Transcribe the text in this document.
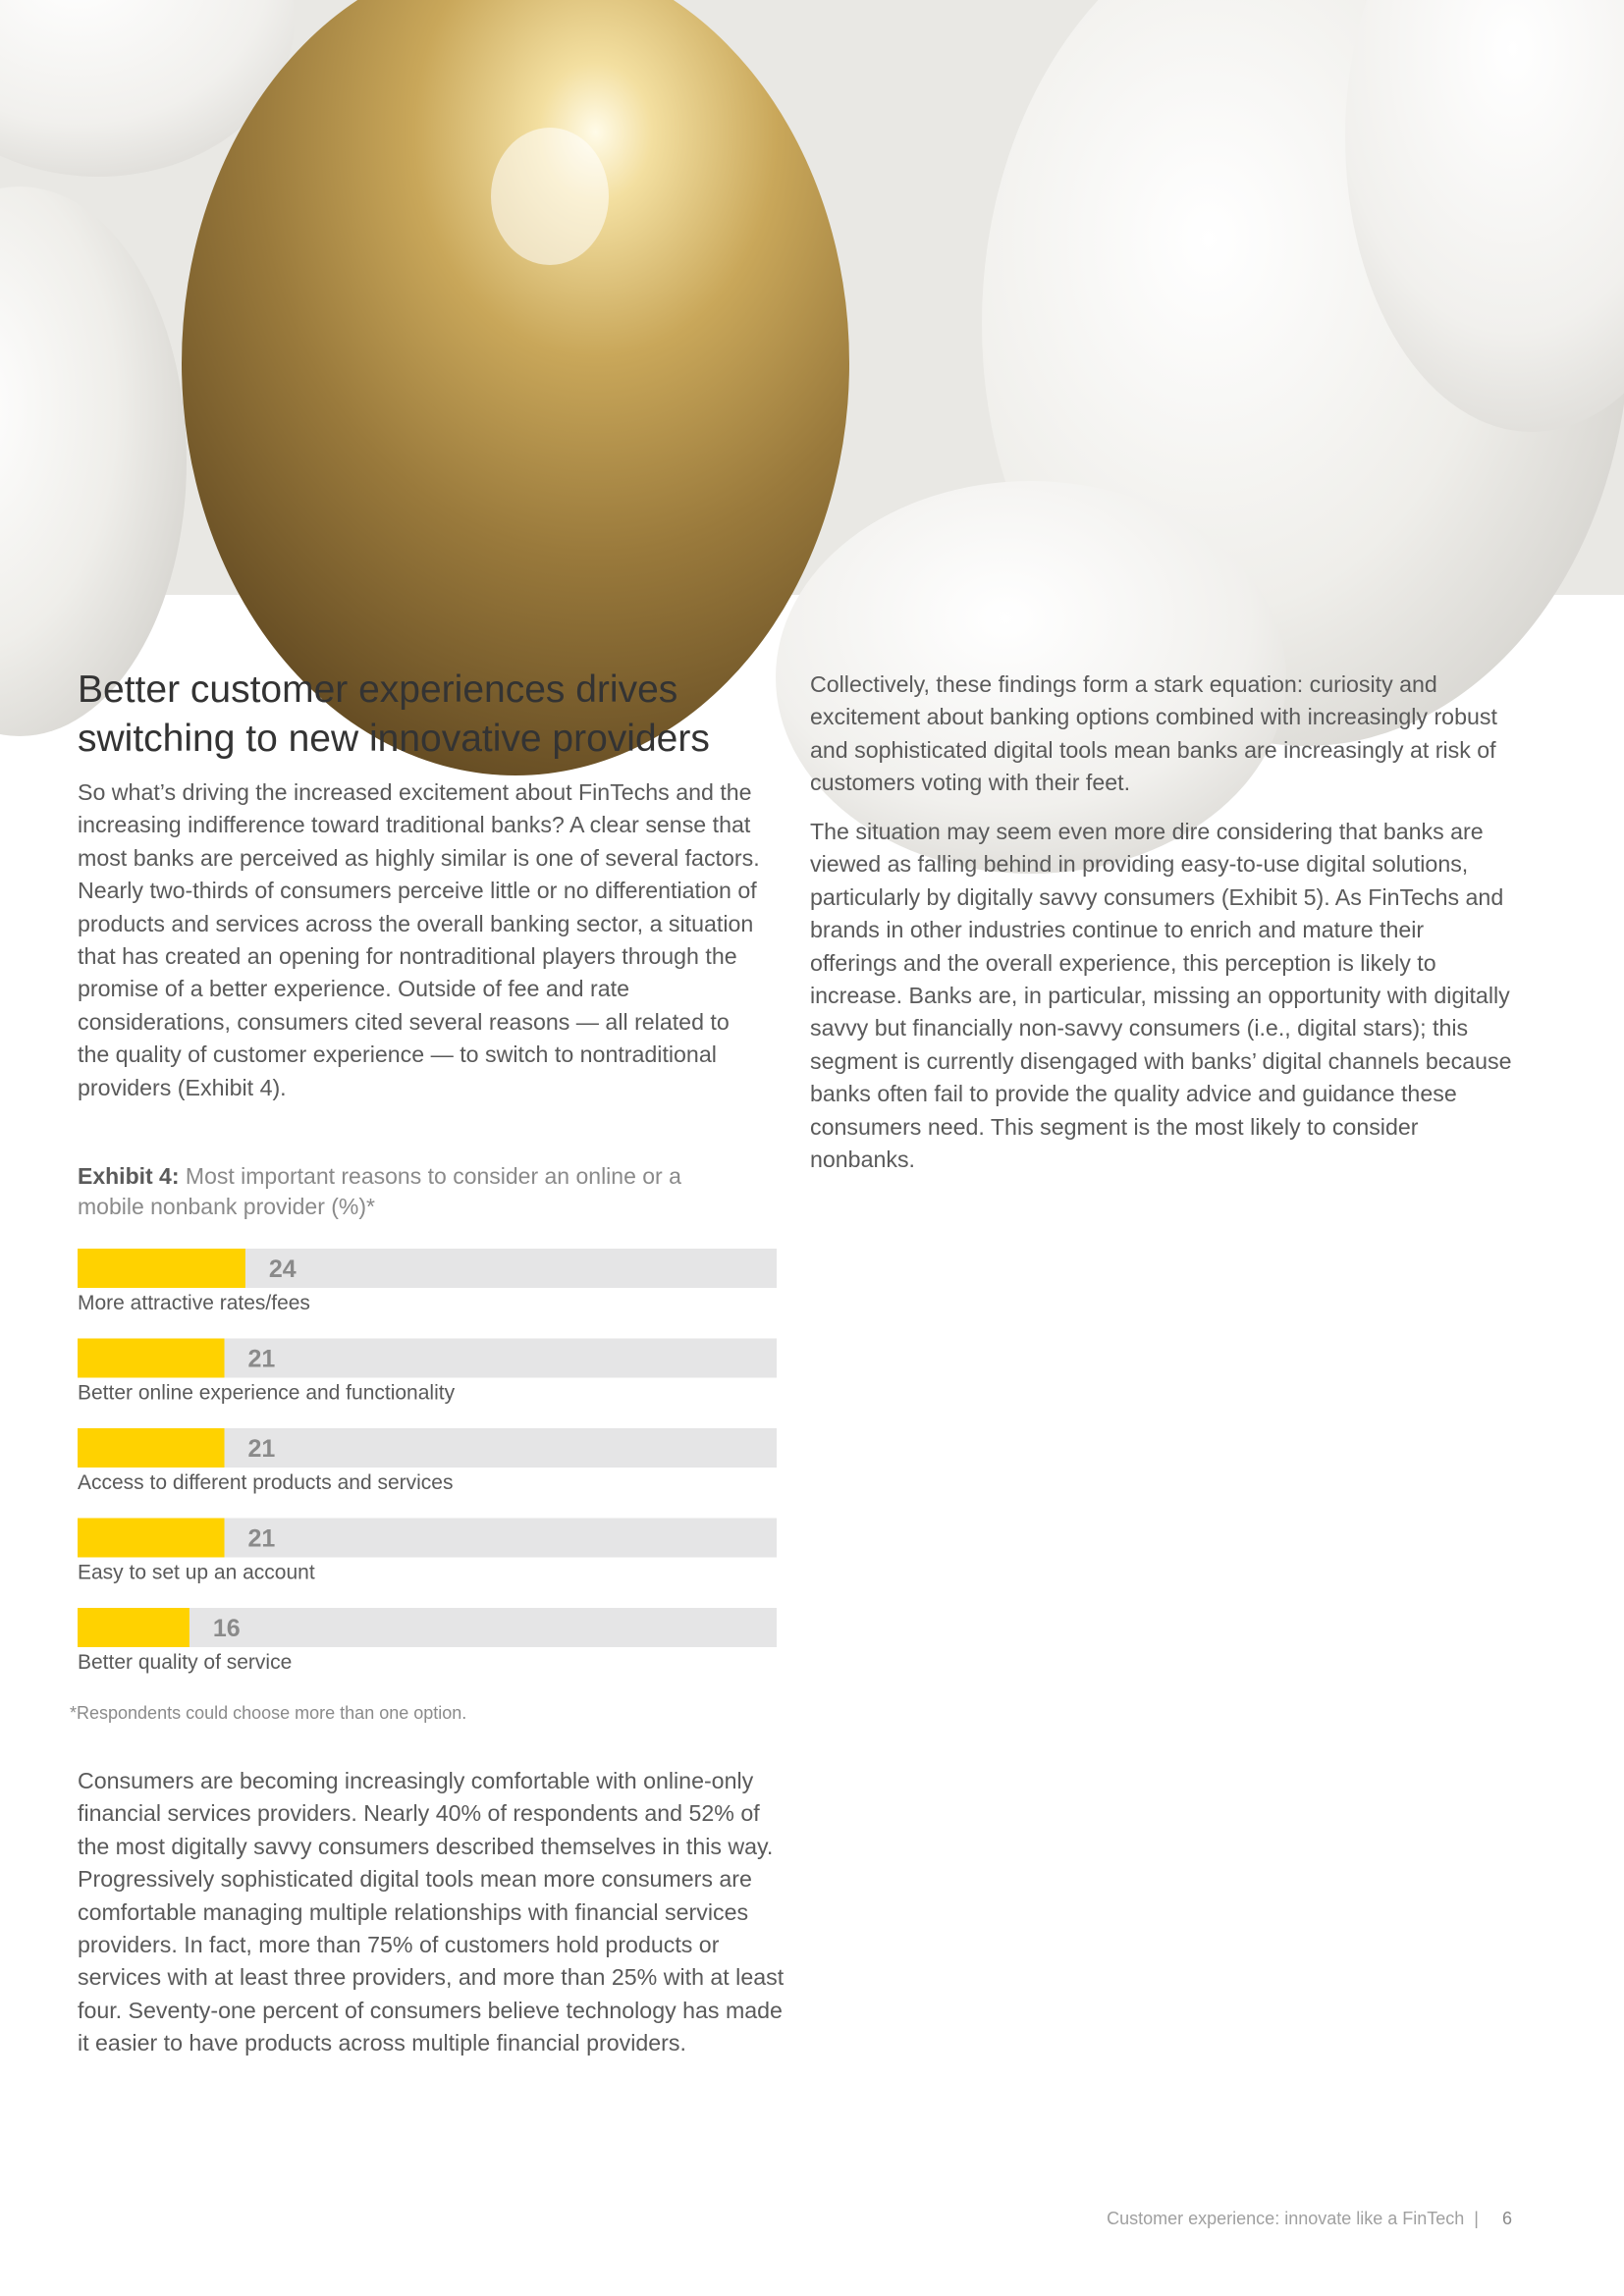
Better customer experiences drives switching to new innovative providers

So what’s driving the increased excitement about FinTechs and the increasing indifference toward traditional banks? A clear sense that most banks are perceived as highly similar is one of several factors. Nearly two-thirds of consumers perceive little or no differentiation of products and services across the overall banking sector, a situation that has created an opening for nontraditional players through the promise of a better experience. Outside of fee and rate considerations, consumers cited several reasons — all related to the quality of customer experience — to switch to nontraditional providers (Exhibit 4).

Collectively, these findings form a stark equation: curiosity and excitement about banking options combined with increasingly robust and sophisticated digital tools mean banks are increasingly at risk of customers voting with their feet.

The situation may seem even more dire considering that banks are viewed as falling behind in providing easy-to-use digital solutions, particularly by digitally savvy consumers (Exhibit 5). As FinTechs and brands in other industries continue to enrich and mature their offerings and the overall experience, this perception is likely to increase. Banks are, in particular, missing an opportunity with digitally savvy but financially non-savvy consumers (i.e., digital stars); this segment is currently disengaged with banks’ digital channels because banks often fail to provide the quality advice and guidance these consumers need. This segment is the most likely to consider nonbanks.

Exhibit 4: Most important reasons to consider an online or a mobile nonbank provider (%)*

24
More attractive rates/fees
21
Better online experience and functionality
21
Access to different products and services
21
Easy to set up an account
16
Better quality of service
*Respondents could choose more than one option.

Consumers are becoming increasingly comfortable with online-only financial services providers. Nearly 40% of respondents and 52% of the most digitally savvy consumers described themselves in this way. Progressively sophisticated digital tools mean more consumers are comfortable managing multiple relationships with financial services providers. In fact, more than 75% of customers hold products or services with at least three providers, and more than 25% with at least four. Seventy-one percent of consumers believe technology has made it easier to have products across multiple financial providers.

Customer experience: innovate like a FinTech | 6
